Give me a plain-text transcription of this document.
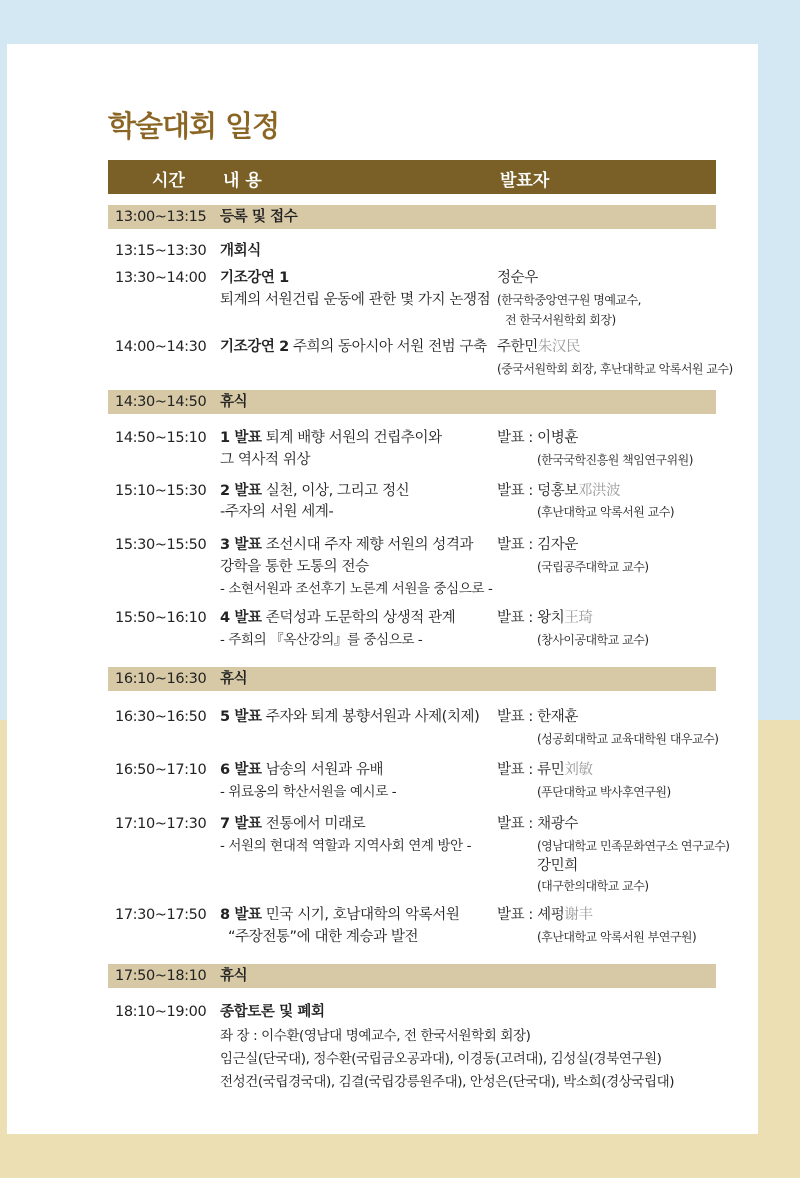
학술대회 일정
시간 내 용	발표자
13:00~13:15 등록 및 접수
13:15~13:30 개회식
13:30~14:00 기조강연 1
퇴계의 서원건립 운동에 관한 몇 가지 논쟁점
정순우
(한국학중앙연구원 명예교수,
전 한국서원학회 회장)
14:00~14:30 기조강연 2 주희의 동아시아 서원 전범 구축 주한민朱汉民
(중국서원학회 회장, 후난대학교 악록서원 교수)
14:30~14:50 휴식
14:50~15:10 1 발표 퇴계 배향 서원의 건립추이와
그 역사적 위상
발표 : 이병훈
(한국국학진흥원 책임연구위원)
15:10~15:30 2 발표 실천, 이상, 그리고 정신
-주자의 서원 세계-
발표 : 덩홍보邓洪波
(후난대학교 악록서원 교수)
15:30~15:50 3 발표 조선시대 주자 제향 서원의 성격과
강학을 통한 도통의 전승
- 소현서원과 조선후기 노론계 서원을 중심으로 -
발표 : 김자운
(국립공주대학교 교수)
15:50~16:10 4 발표 존덕성과 도문학의 상생적 관계
- 주희의 『옥산강의』를 중심으로 -
발표 : 왕치王琦
(창사이공대학교 교수)
16:10~16:30 휴식
16:30~16:50 5 발표 주자와 퇴계 봉향서원과 사제(치제) 발표 : 한재훈
(성공회대학교 교육대학원 대우교수)
16:50~17:10 6 발표 남송의 서원과 유배
- 위료옹의 학산서원을 예시로 -
발표 : 류민刘敏
(푸단대학교 박사후연구원)
17:10~17:30 7 발표 전통에서 미래로
- 서원의 현대적 역할과 지역사회 연계 방안 -
발표 : 채광수
(영남대학교 민족문화연구소 연구교수)
강민희
(대구한의대학교 교수)
17:30~17:50 8 발표 민국 시기, 호남대학의 악록서원
“주장전통”에 대한 계승과 발전
발표 : 셰펑谢丰
(후난대학교 악록서원 부연구원)
17:50~18:10 휴식
18:10~19:00 종합토론 및 폐회
좌 장 : 이수환(영남대 명예교수, 전 한국서원학회 회장)
임근실(단국대), 정수환(국립금오공과대), 이경동(고려대), 김성실(경북연구원)
전성건(국립경국대), 김결(국립강릉원주대), 안성은(단국대), 박소희(경상국립대)
